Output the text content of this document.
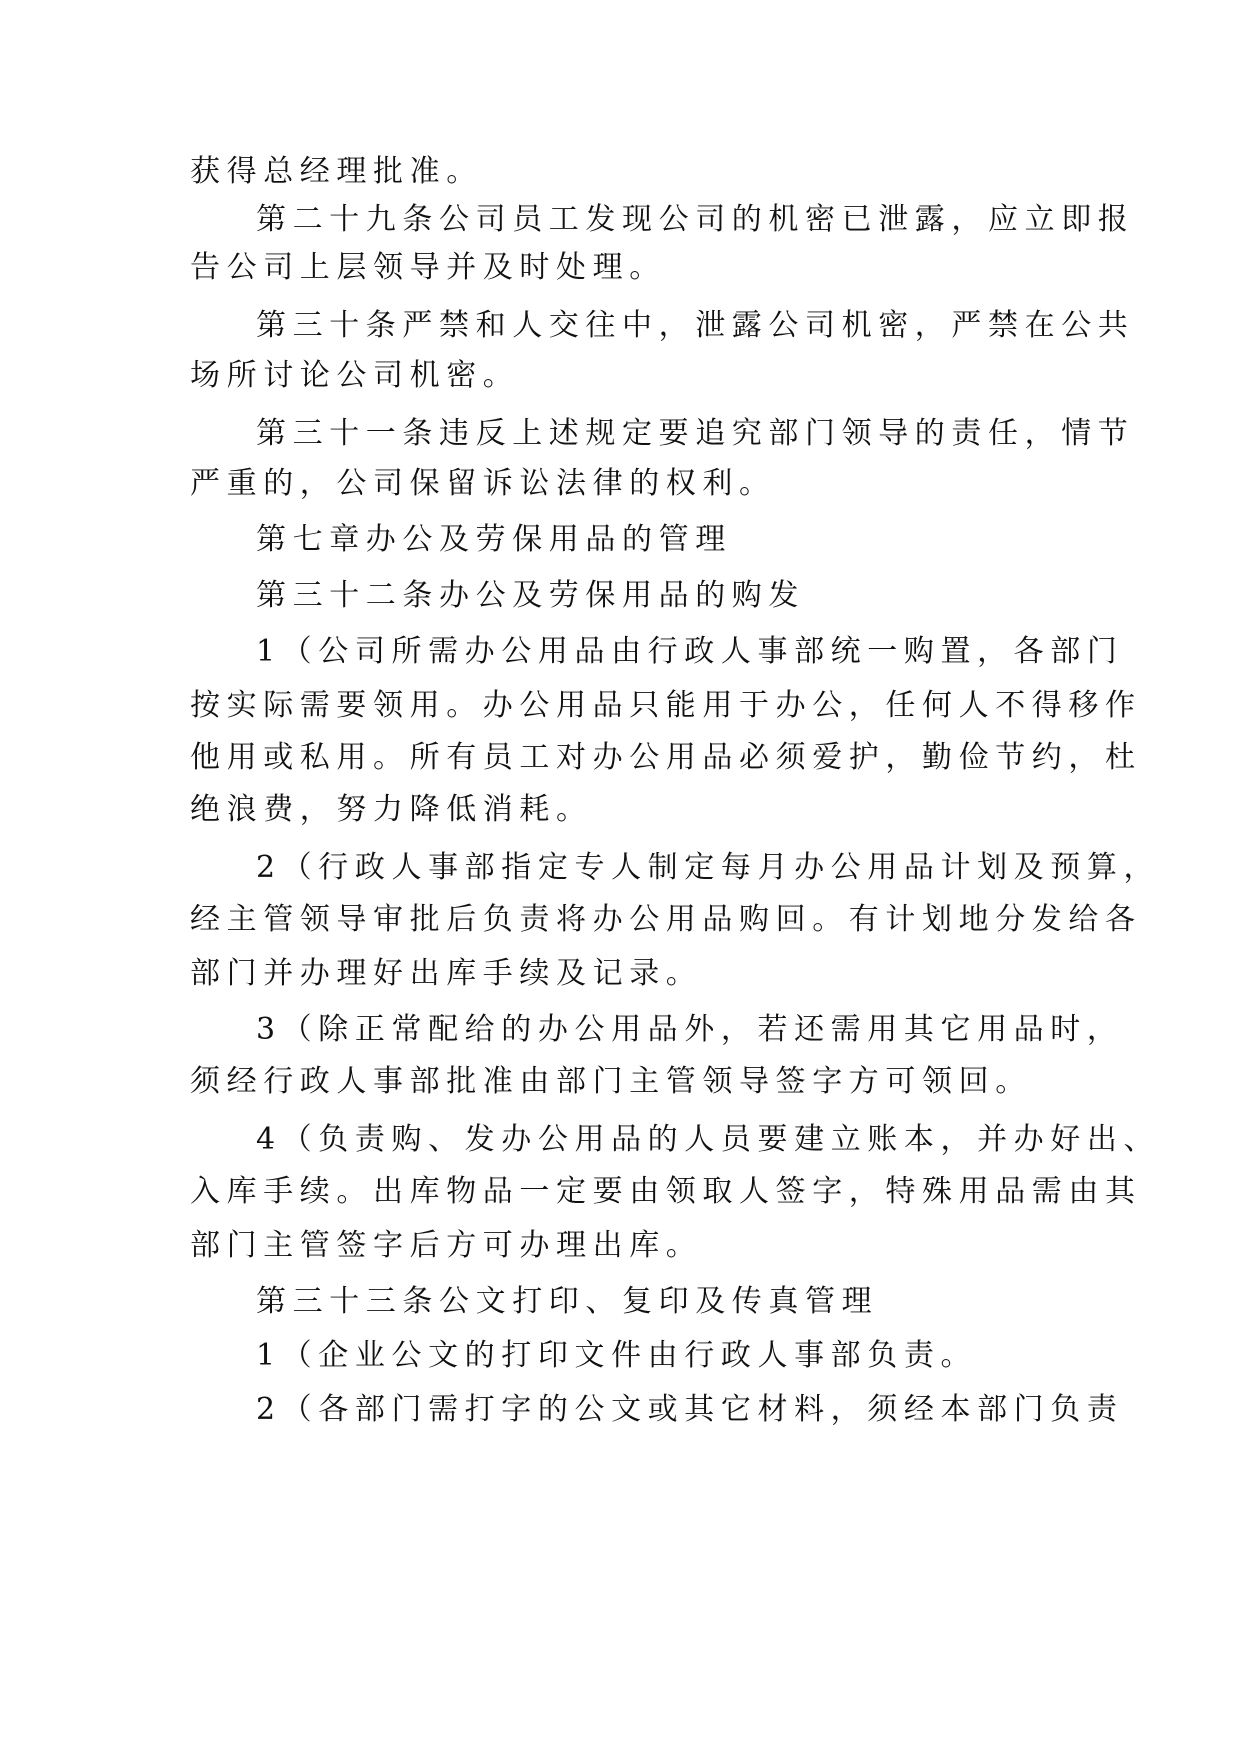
获得总经理批准。
第二十九条公司员工发现公司的机密已泄露，应立即报
告公司上层领导并及时处理。
第三十条严禁和人交往中，泄露公司机密，严禁在公共
场所讨论公司机密。
第三十一条违反上述规定要追究部门领导的责任，情节
严重的，公司保留诉讼法律的权利。
第七章办公及劳保用品的管理
第三十二条办公及劳保用品的购发
1（公司所需办公用品由行政人事部统一购置，各部门
按实际需要领用。办公用品只能用于办公，任何人不得移作
他用或私用。所有员工对办公用品必须爱护，勤俭节约，杜
绝浪费，努力降低消耗。
2（行政人事部指定专人制定每月办公用品计划及预算，
经主管领导审批后负责将办公用品购回。有计划地分发给各
部门并办理好出库手续及记录。
3（除正常配给的办公用品外，若还需用其它用品时，
须经行政人事部批准由部门主管领导签字方可领回。
4（负责购、发办公用品的人员要建立账本，并办好出、
入库手续。出库物品一定要由领取人签字，特殊用品需由其
部门主管签字后方可办理出库。
第三十三条公文打印、复印及传真管理
1（企业公文的打印文件由行政人事部负责。
2（各部门需打字的公文或其它材料，须经本部门负责
